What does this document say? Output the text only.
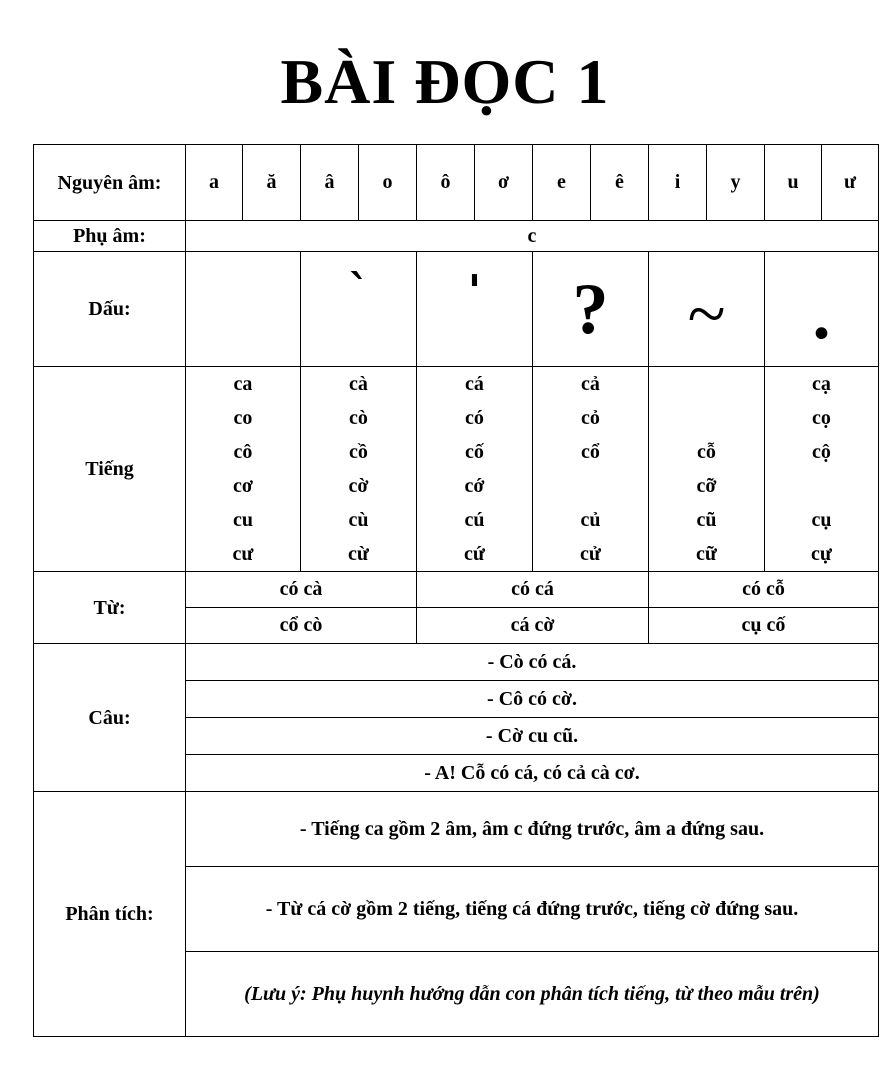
BÀI ĐỌC 1
Nguyên âm:	a	ă	â	o	ô	ơ	e	ê	i	y	u	ư
Phụ âm:	c											
Dấu:			`		'		?		~		.	
Tiếng	ca		cà		cá		cả				cạ	
	co		cò		có		cỏ				cọ	
	cô		cồ		cố		cổ		cỗ		cộ	
	cơ		cờ		cớ				cỡ			
	cu		cù		cú		củ		cũ		cụ	
	cư		cừ		cứ		cử		cữ		cự	
Từ:	có cà				có cá				có cỗ			
	cổ cò				cá cờ				cụ cố			
Câu:	- Cò có cá.											
	- Cô có cờ.											
	- Cờ cu cũ.											
	- A! Cỗ có cá, có cả cà cơ.											
Phân tích:	- Tiếng ca gồm 2 âm, âm c đứng trước, âm a đứng sau.											
	- Từ cá cờ gồm 2 tiếng, tiếng cá đứng trước, tiếng cờ đứng sau.											
	(Lưu ý: Phụ huynh hướng dẫn con phân tích tiếng, từ theo mẫu trên)											
